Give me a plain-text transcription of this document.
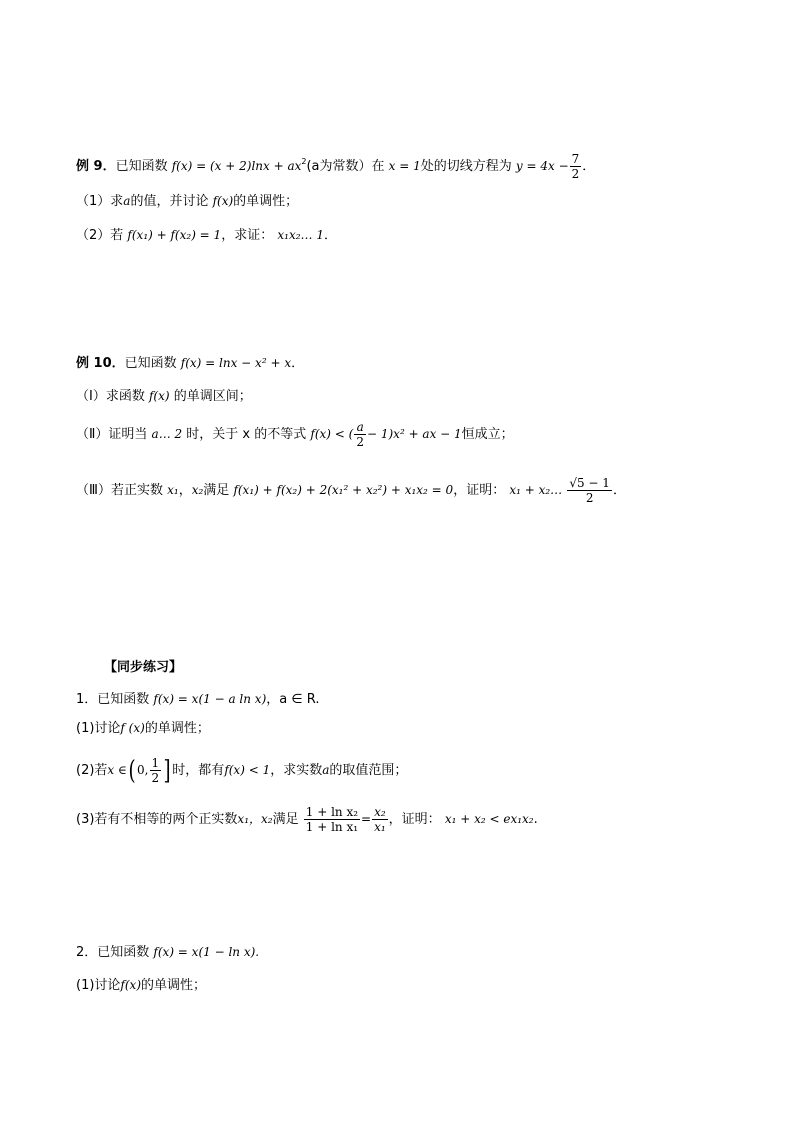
例 9．已知函数 $f(x) = (x + 2)\ln x + ax^2(a$为常数）在 x = 1处的切线方程为 $y = 4x - \frac{7}{2}$ ．
（1）求a的值，并讨论 f(x)的单调性；
（2）若 f(x₁) + f(x₂) = 1，求证： x₁x₂… 1．
例 10．已知函数 f(x) = lnx − x² + x．
（Ⅰ）求函数 f(x) 的单调区间；
（Ⅱ）证明当 a… 2 时，关于 x 的不等式 f(x) < ( $\frac{a}{2} - 1)x^2$ + ax − 1恒成立；
（Ⅲ）若正实数 x₁，x₂满足 f(x₁) + f(x₂) + 2(x₁² + x₂²) + x₁x₂ = 0，证明： x₁ + x₂… $\frac{√5 - 1}{2}$ ．
【同步练习】
1．已知函数 f(x) = x(1 − a ln x)，a ∈ R.
(1)讨论f (x)的单调性；
(2)若x ∈( 0, $\frac{1}{2}$ ] 时，都有f(x) < 1，求实数a的取值范围；
(3)若有不相等的两个正实数x₁，x₂满足 $\frac{\text{1 + ln x₂}}{\text{1 + ln x₁}} = \frac{\text{x₂}}{\text{x₁}}$ ，证明： x₁ + x₂ < ex₁x₂.
2．已知函数 f(x) = x(1 − ln x).
(1)讨论f(x)的单调性；
